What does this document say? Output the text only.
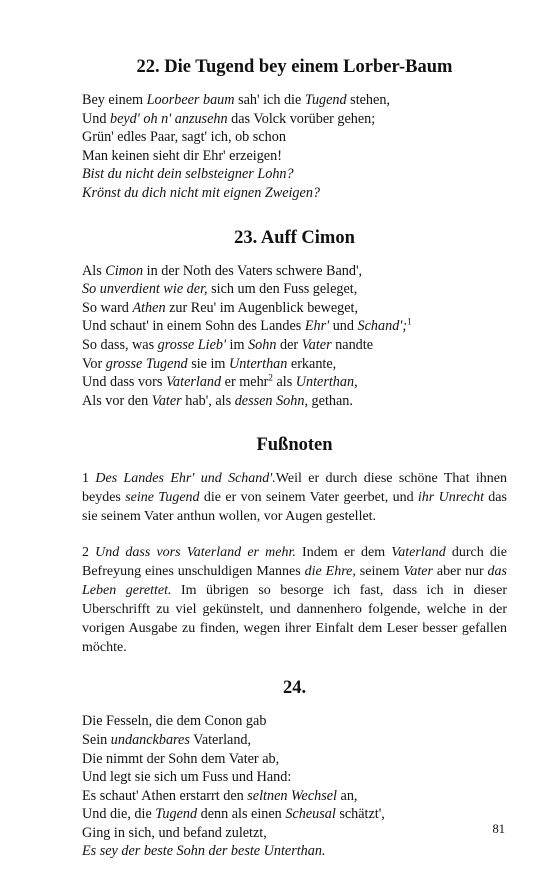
22. Die Tugend bey einem Lorber-Baum
Bey einem Loorbeer baum sah' ich die Tugend stehen,
Und beyd' oh n' anzusehn das Volck vorüber gehen;
Grün' edles Paar, sagt' ich, ob schon
Man keinen sieht dir Ehr' erzeigen!
Bist du nicht dein selbsteigner Lohn?
Krönst du dich nicht mit eignen Zweigen?
23. Auff Cimon
Als Cimon in der Noth des Vaters schwere Band',
So unverdient wie der, sich um den Fuss geleget,
So ward Athen zur Reu' im Augenblick beweget,
Und schaut' in einem Sohn des Landes Ehr' und Schand';$^1$
So dass, was grosse Lieb' im Sohn der Vater nandte
Vor grosse Tugend sie im Unterthan erkante,
Und dass vors Vaterland er mehr$^2$ als Unterthan,
Als vor den Vater hab', als dessen Sohn, gethan.
Fußnoten

1 Des Landes Ehr' und Schand'.Weil er durch diese schöne That ihnen beydes seine Tugend die er von seinem Vater geerbet, und ihr Unrecht das sie seinem Vater anthun wollen, vor Augen gestellet.

2 Und dass vors Vaterland er mehr. Indem er dem Vaterland durch die Befreyung eines unschuldigen Mannes die Ehre, seinem Vater aber nur das Leben gerettet. Im übrigen so besorge ich fast, dass ich in dieser Uberschrifft zu viel gekünstelt, und dannenhero folgende, welche in der vorigen Ausgabe zu finden, wegen ihrer Einfalt dem Leser besser gefallen möchte.

24.
Die Fesseln, die dem Conon gab
Sein undanckbares Vaterland,
Die nimmt der Sohn dem Vater ab,
Und legt sie sich um Fuss und Hand:
Es schaut' Athen erstarrt den seltnen Wechsel an,
Und die, die Tugend denn als einen Scheusal schätzt',
Ging in sich, und befand zuletzt,
Es sey der beste Sohn der beste Unterthan.
81
